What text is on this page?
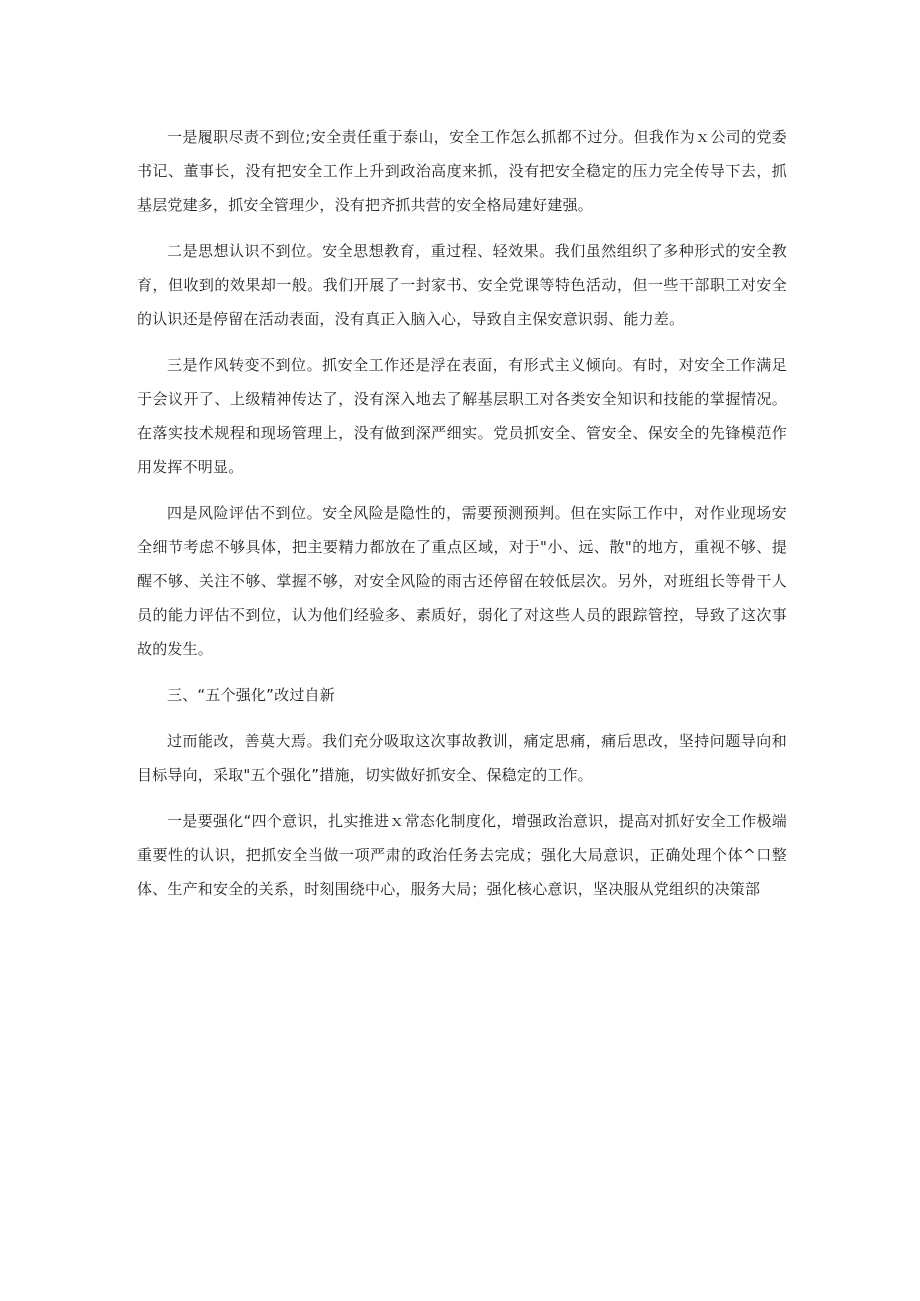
一是履职尽责不到位;安全责任重于泰山，安全工作怎么抓都不过分。但我作为ｘ公司的党委书记、董事长，没有把安全工作上升到政治高度来抓，没有把安全稳定的压力完全传导下去，抓基层党建多，抓安全管理少，没有把齐抓共营的安全格局建好建强。

二是思想认识不到位。安全思想教育，重过程、轻效果。我们虽然组织了多种形式的安全教育，但收到的效果却一般。我们开展了一封家书、安全党课等特色活动，但一些干部职工对安全的认识还是停留在活动表面，没有真正入脑入心，导致自主保安意识弱、能力差。

三是作风转变不到位。抓安全工作还是浮在表面，有形式主义倾向。有时，对安全工作满足于会议开了、上级精神传达了，没有深入地去了解基层职工对各类安全知识和技能的掌握情况。在落实技术规程和现场管理上，没有做到深严细实。党员抓安全、管安全、保安全的先锋模范作用发挥不明显。

四是风险评估不到位。安全风险是隐性的，需要预测预判。但在实际工作中，对作业现场安全细节考虑不够具体，把主要精力都放在了重点区域，对于"小、远、散"的地方，重视不够、提醒不够、关注不够、掌握不够，对安全风险的雨古还停留在较低层次。另外，对班组长等骨干人员的能力评估不到位，认为他们经验多、素质好，弱化了对这些人员的跟踪管控，导致了这次事故的发生。

三、“五个强化”改过自新

过而能改，善莫大焉。我们充分吸取这次事故教训，痛定思痛，痛后思改，坚持问题导向和目标导向，采取"五个强化”措施，切实做好抓安全、保稳定的工作。

一是要强化“四个意识，扎实推进ｘ常态化制度化，增强政治意识，提高对抓好安全工作极端重要性的认识，把抓安全当做一项严肃的政治任务去完成；强化大局意识，正确处理个体^口整体、生产和安全的关系，时刻围绕中心，服务大局；强化核心意识，坚决服从党组织的决策部
